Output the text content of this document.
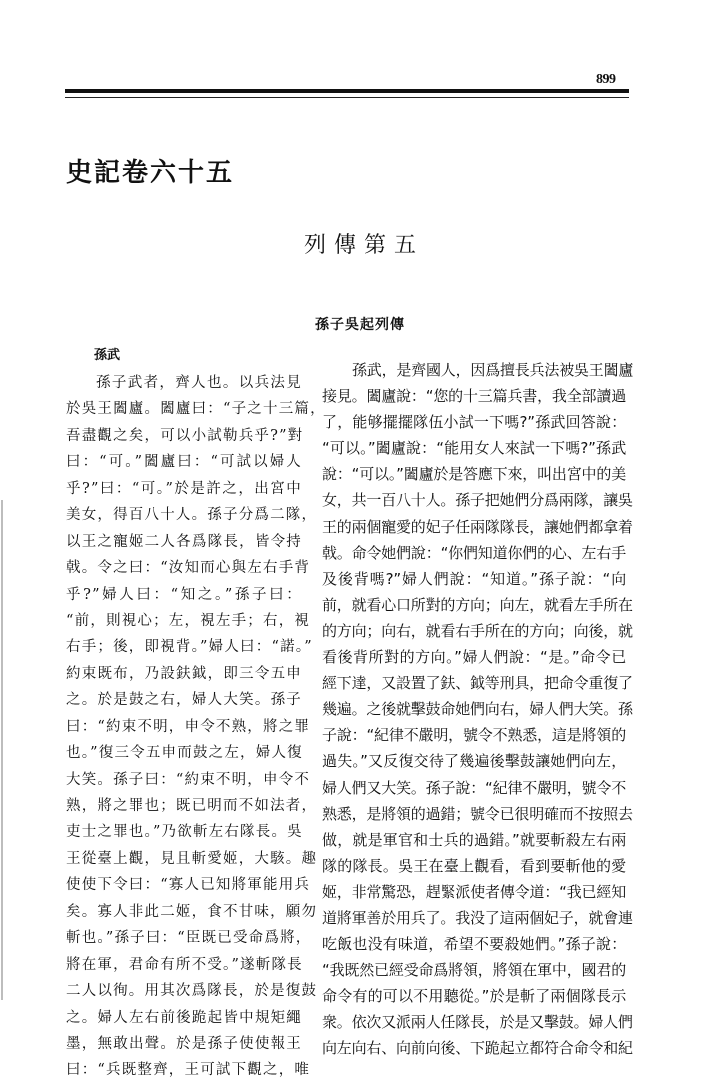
899
史記卷六十五
列傳第五
孫子吳起列傳
孫武
孫子武者，齊人也。以兵法見
於吳王闔廬。闔廬曰：“子之十三篇，
吾盡觀之矣，可以小試勒兵乎?”對
曰：“可。”闔廬曰：“可試以婦人
乎?”曰：“可。”於是許之，出宮中
美女，得百八十人。孫子分爲二隊，
以王之寵姬二人各爲隊長，皆令持
戟。令之曰：“汝知而心與左右手背
乎?”婦人曰：“知之。”孫子曰：
“前，則視心；左，視左手；右，視
右手；後，即視背。”婦人曰：“諾。”
約束既布，乃設鈇鉞，即三令五申
之。於是鼓之右，婦人大笑。孫子
曰：“約束不明，申令不熟，將之罪
也。”復三令五申而鼓之左，婦人復
大笑。孫子曰：“約束不明，申令不
熟，將之罪也；既已明而不如法者，
吏士之罪也。”乃欲斬左右隊長。吳
王從臺上觀，見且斬愛姬，大駭。趣
使使下令曰：“寡人已知將軍能用兵
矣。寡人非此二姬，食不甘味，願勿
斬也。”孫子曰：“臣既已受命爲將，
將在軍，君命有所不受。”遂斬隊長
二人以徇。用其次爲隊長，於是復鼓
之。婦人左右前後跪起皆中規矩繩
墨，無敢出聲。於是孫子使使報王
曰：“兵既整齊，王可試下觀之，唯
孫武，是齊國人，因爲擅長兵法被吳王闔廬
接見。闔廬說：“您的十三篇兵書，我全部讀過
了，能够擺擺隊伍小試一下嗎?”孫武回答說：
“可以。”闔廬說：“能用女人來試一下嗎?”孫武
說：“可以。”闔廬於是答應下來，叫出宮中的美
女，共一百八十人。孫子把她們分爲兩隊，讓吳
王的兩個寵愛的妃子任兩隊隊長，讓她們都拿着
戟。命令她們說：“你們知道你們的心、左右手
及後背嗎?”婦人們說：“知道。”孫子說：“向
前，就看心口所對的方向；向左，就看左手所在
的方向；向右，就看右手所在的方向；向後，就
看後背所對的方向。”婦人們說：“是。”命令已
經下達，又設置了鈇、鉞等刑具，把命令重復了
幾遍。之後就擊鼓命她們向右，婦人們大笑。孫
子說：“紀律不嚴明，號令不熟悉，這是將領的
過失。”又反復交待了幾遍後擊鼓讓她們向左，
婦人們又大笑。孫子說：“紀律不嚴明，號令不
熟悉，是將領的過錯；號令已很明確而不按照去
做，就是軍官和士兵的過錯。”就要斬殺左右兩
隊的隊長。吳王在臺上觀看，看到要斬他的愛
姬，非常驚恐，趕緊派使者傳令道：“我已經知
道將軍善於用兵了。我没了這兩個妃子，就會連
吃飯也没有味道，希望不要殺她們。”孫子說：
“我既然已經受命爲將領，將領在軍中，國君的
命令有的可以不用聽從。”於是斬了兩個隊長示
衆。依次又派兩人任隊長，於是又擊鼓。婦人們
向左向右、向前向後、下跪起立都符合命令和紀
